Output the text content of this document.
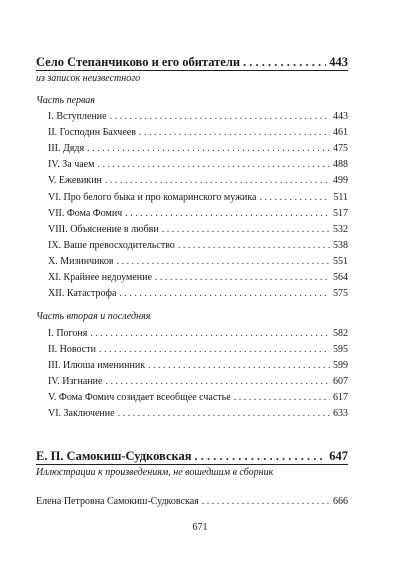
Село Степанчиково и его обитатели . . .	443
из записок неизвестного
Часть первая
I. Вступление . . .	443
II. Господин Бахчеев . . .	461
III. Дядя . . .	475
IV. За чаем . . .	488
V. Ежевикин . . .	499
VI. Про белого быка и про комаринского мужика . . .	511
VII. Фома Фомич . . .	517
VIII. Объяснение в любви . . .	532
IX. Ваше превосходительство . . .	538
X. Мизинчиков . . .	551
XI. Крайнее недоумение . . .	564
XII. Катастрофа . . .	575
Часть вторая и последняя
I. Погоня . . .	582
II. Новости . . .	595
III. Илюша именинник . . .	599
IV. Изгнание . . .	607
V. Фома Фомич созидает всеобщее счастье . . .	617
VI. Заключение . . .	633
Е. П. Самокиш-Судковская . . .	647
Иллюстрации к произведениям, не вошедшим в сборник
Елена Петровна Самокиш-Судковская . . .	666
671
